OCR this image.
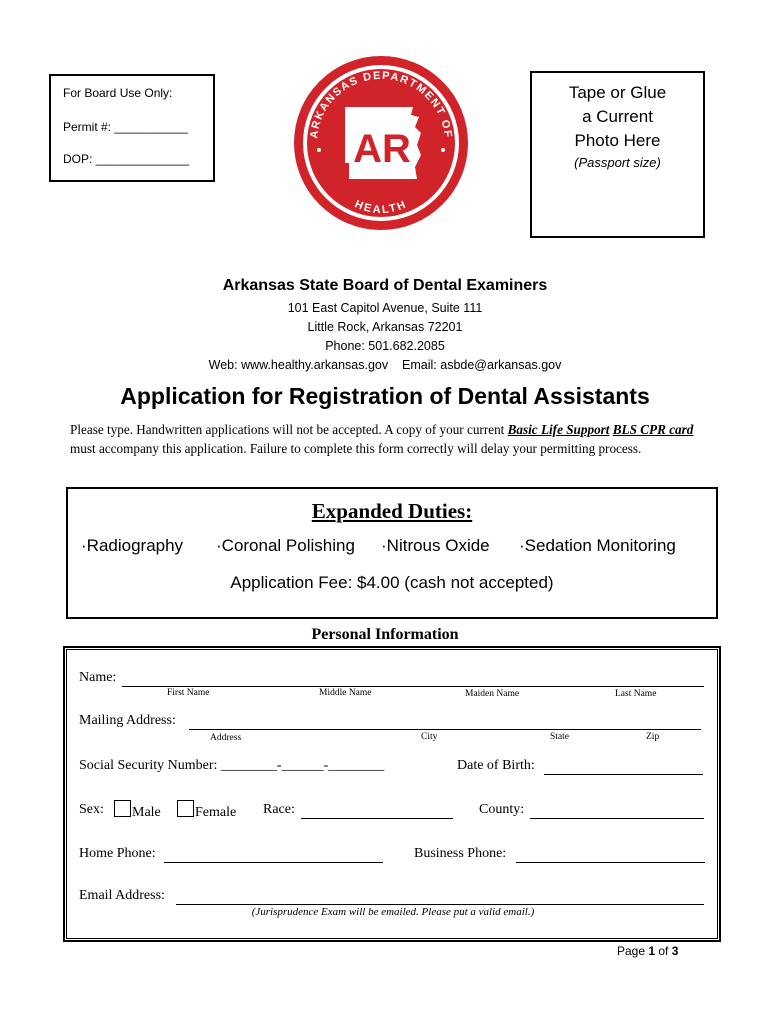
For Board Use Only:
Permit #: ___________
DOP: ______________
ARKANSAS DEPARTMENT OF
HEALTH
AR
Tape or Glue
a Current
Photo Here
(Passport size)
Arkansas State Board of Dental Examiners
101 East Capitol Avenue, Suite 111
Little Rock, Arkansas 72201
Phone: 501.682.2085
Web: www.healthy.arkansas.gov Email: asbde@arkansas.gov
Application for Registration of Dental Assistants
Please type. Handwritten applications will not be accepted. A copy of your current Basic Life Support BLS CPR card must accompany this application. Failure to complete this form correctly will delay your permitting process.
Expanded Duties:
·Radiography ·Coronal Polishing ·Nitrous Oxide ·Sedation Monitoring
Application Fee: $4.00 (cash not accepted)
Personal Information
Name:
First Name	Middle Name	Maiden Name	Last Name
Mailing Address:
Address	City	State	Zip
Social Security Number: ________-______-________	Date of Birth:
Sex:	Male	Female Race:	County:
Home Phone:	Business Phone:
Email Address:
(Jurisprudence Exam will be emailed. Please put a valid email.)
Page 1 of 3
